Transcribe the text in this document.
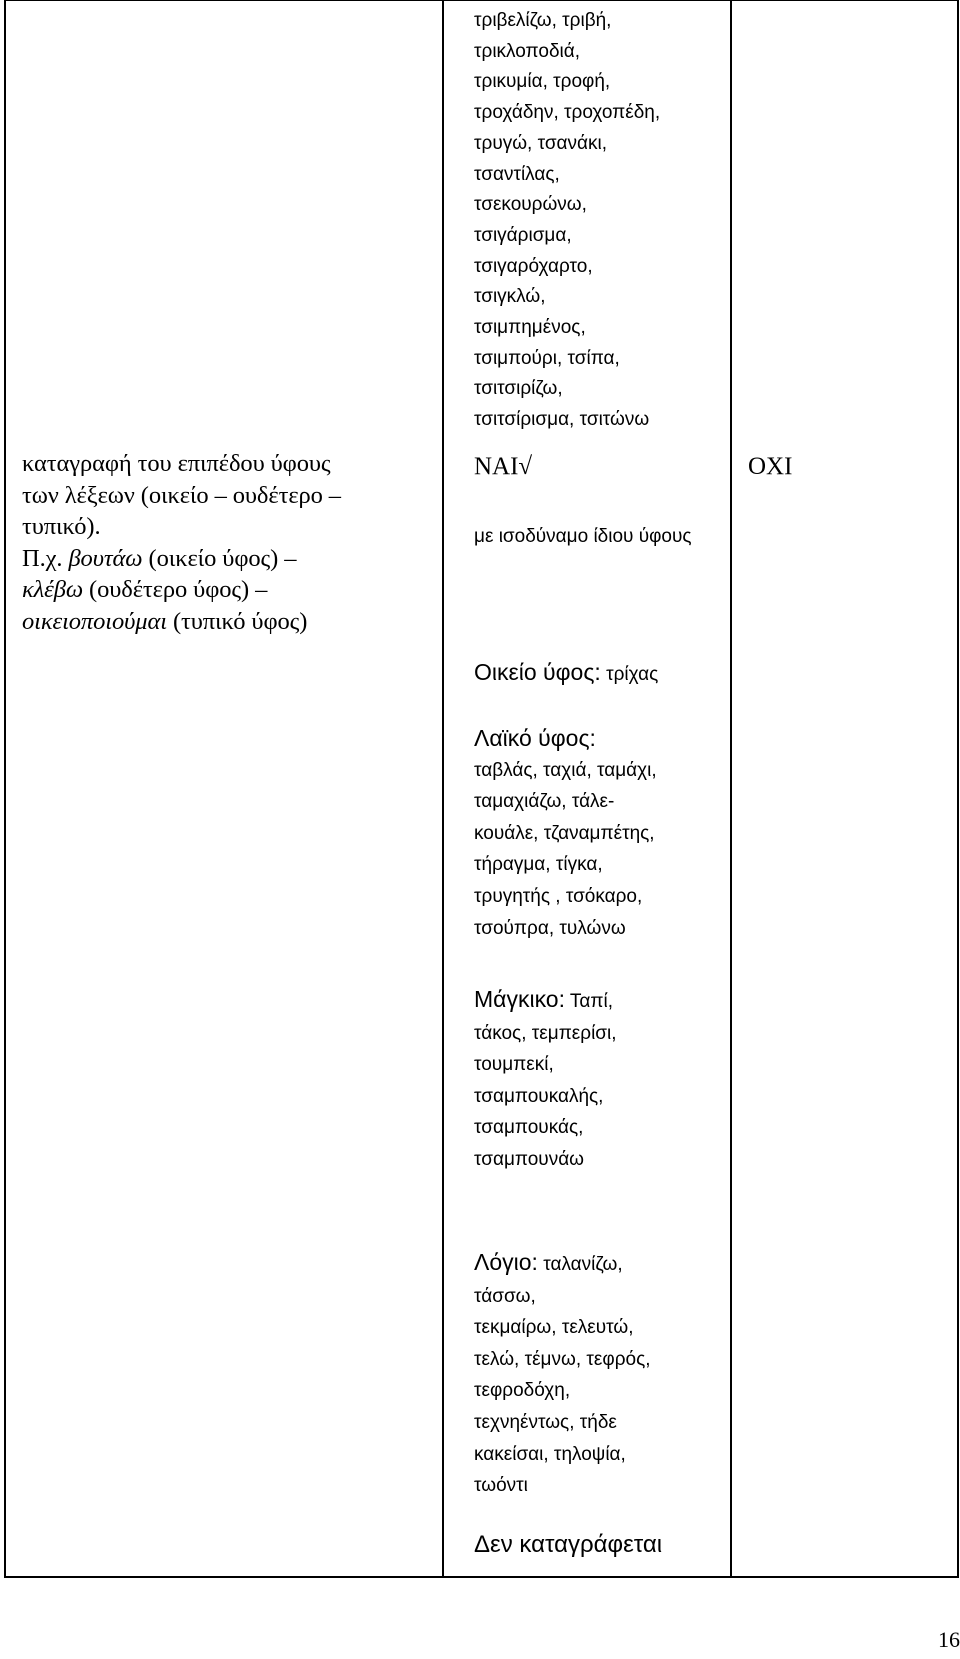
καταγραφή του επιπέδου ύφους
των λέξεων (οικείο – ουδέτερο –
τυπικό).
Π.χ. βουτάω (οικείο ύφος) –
κλέβω (ουδέτερο ύφος) –
οικειοποιούμαι (τυπικό ύφος)
τριβελίζω, τριβή,
τρικλοποδιά,
τρικυμία, τροφή,
τροχάδην, τροχοπέδη,
τρυγώ, τσανάκι,
τσαντίλας,
τσεκουρώνω,
τσιγάρισμα,
τσιγαρόχαρτο,
τσιγκλώ,
τσιμπημένος,
τσιμπούρι, τσίπα,
τσιτσιρίζω,
τσιτσίρισμα, τσιτώνω
ΝΑΙ√	ΟΧΙ
με ισοδύναμο ίδιου ύφους
Οικείο ύφος: τρίχας
Λαϊκό ύφος:
ταβλάς, ταχιά, ταμάχι,
ταμαχιάζω, τάλε-
κουάλε, τζαναμπέτης,
τήραγμα, τίγκα,
τρυγητής , τσόκαρο,
τσούπρα, τυλώνω
Μάγκικο: Ταπί,
τάκος, τεμπερίσι,
τουμπεκί,
τσαμπουκαλής,
τσαμπουκάς,
τσαμπουνάω
Λόγιο: ταλανίζω,
τάσσω,
τεκμαίρω, τελευτώ,
τελώ, τέμνω, τεφρός,
τεφροδόχη,
τεχνηέντως, τήδε
κακείσαι, τηλοψία,
τωόντι
Δεν καταγράφεται
16
